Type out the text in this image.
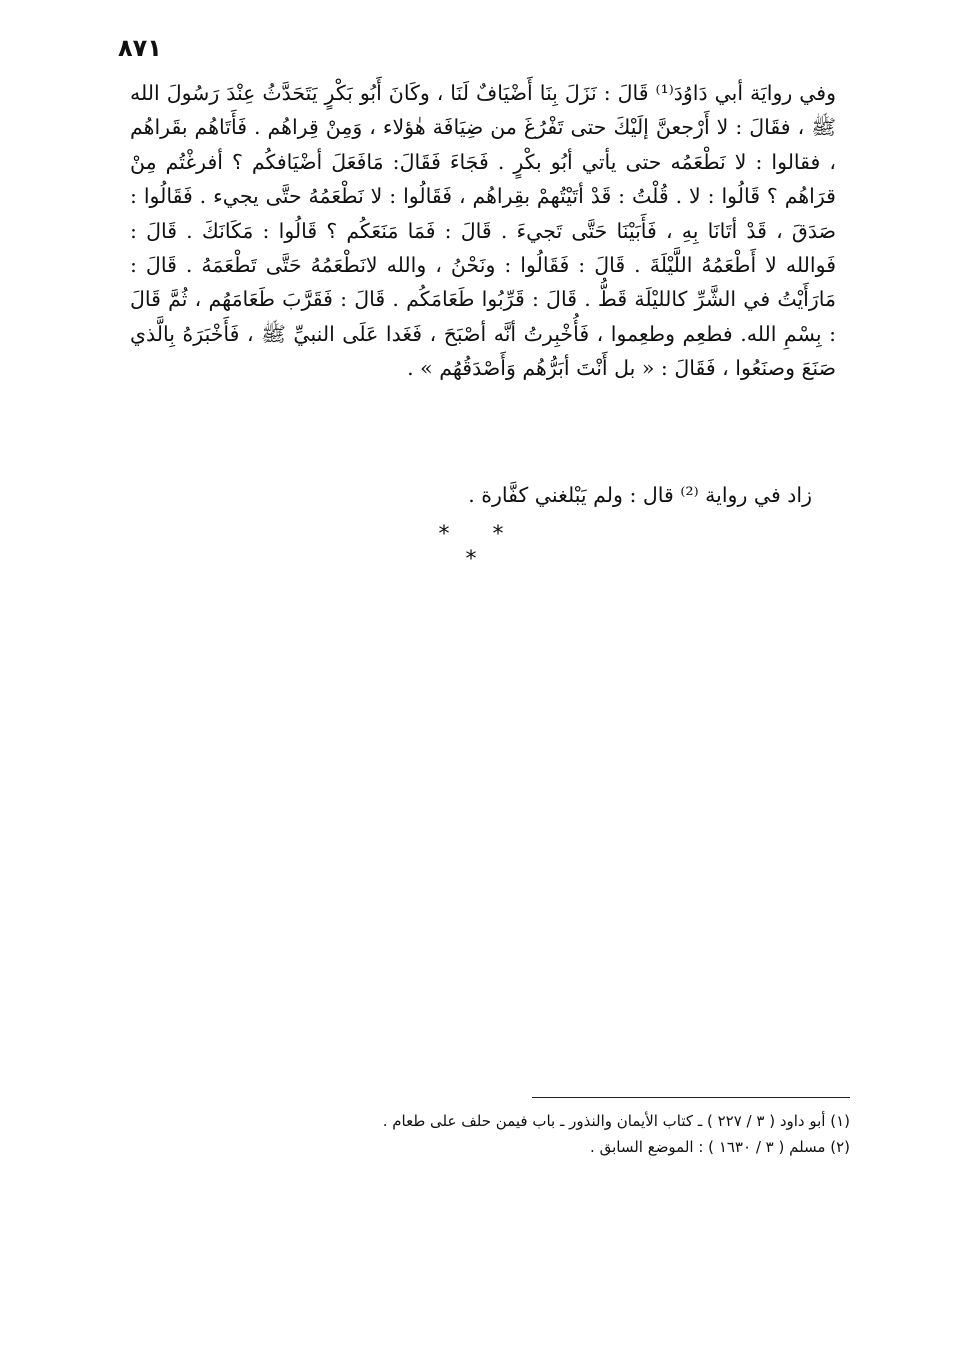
٨٧١

وفي روايَة أبي دَاوُدَ⁽¹⁾ قَالَ : نَزَلَ بِنَا أَضْيَافٌ لَنَا ، وكَانَ أَبُو بَكْرٍ يَتَحَدَّثُ عِنْدَ رَسُولَ الله ﷺ ، فقَالَ : لا أَرْجعنَّ إلَيْكَ حتى تَفْرُغَ من ضِيَافَة هٰؤلاء ، وَمِنْ قِراهُم . فَأَتَاهُم بقَراهُم ، فقالوا : لا نَطْعَمُه حتى يأتي أبُو بكْرٍ . فَجَاءَ فَقَالَ: مَافَعَلَ أضْيَافكُم ؟ أفرغْتُم مِنْ قرَاهُم ؟ قَالُوا : لا . قُلْتُ : قَدْ أتَيْتُهمْ بقِراهُم ، فَقَالُوا : لا نَطْعَمُهُ حتَّى يجيء . فَقَالُوا : صَدَقَ ، قَدْ أتَانَا بِهِ ، فَأَبَيْنَا حَتَّى تَجيءَ . قَالَ : فَمَا مَنَعَكُم ؟ قَالُوا : مَكَانَكَ . قَالَ : فَوالله لا أَطْعَمُهُ اللَّيْلَةَ . قَالَ : فَقَالُوا : ونَحْنُ ، والله لانَطْعَمُهُ حَتَّى تَطْعَمَهُ . قَالَ : مَارَأَيْتُ في الشَّرِّ كالليْلَة قَطُّ . قَالَ : قَرِّبُوا طَعَامَكُم . قَالَ : فَقَرَّبَ طَعَامَهُم ، ثُمَّ قَالَ : بِسْمِ الله. فطعِم وطعِموا ، فَأُخْبِرتُ أنَّه أصْبَحَ ، فَغَدا عَلَى النبيِّ ﷺ ، فَأَخْبَرَهُ بِالَّذي صَنَعَ وصنَعُوا ، فَقَالَ : « بل أَنْتَ أبَرُّهُم وَأَصْدَقُهُم » .

زاد في رواية ⁽²⁾ قال : ولم يَبْلغني كفَّارة .

* * *

(١) أبو داود ( ٣ / ٢٢٧ ) ـ كتاب الأيمان والنذور ـ باب فيمن حلف على طعام .

(٢) مسلم ( ٣ / ١٦٣٠ ) : الموضع السابق .
